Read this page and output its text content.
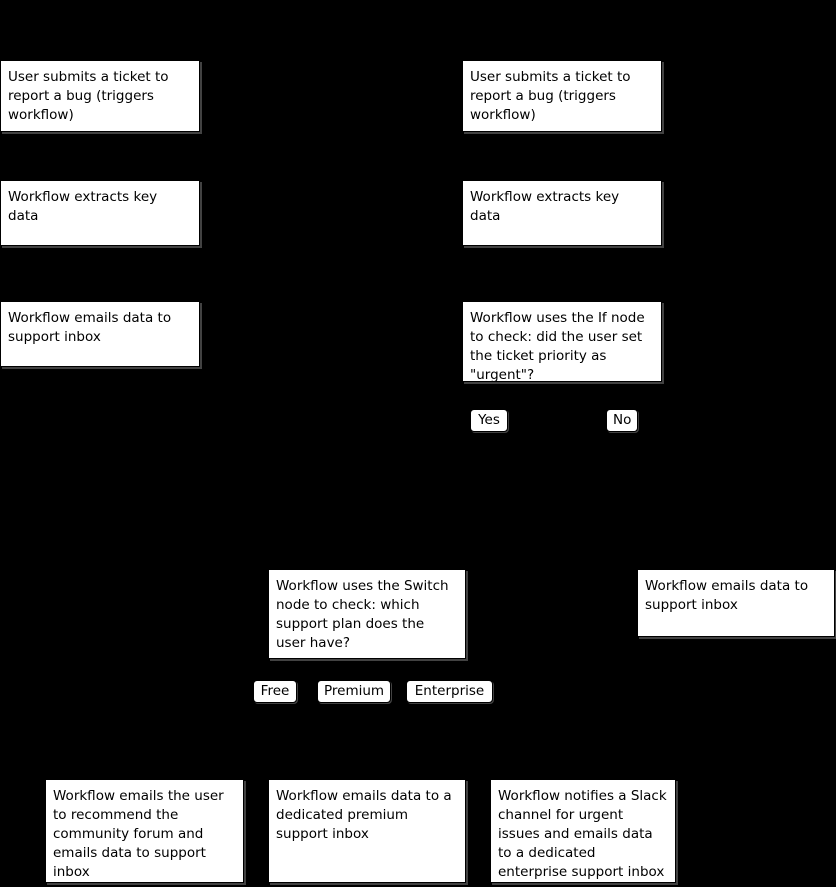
User submits a ticket to report a bug (triggers workflow)
Workflow extracts key data
Workflow emails data to support inbox
User submits a ticket to report a bug (triggers workflow)
Workflow extracts key data
Workflow uses the If node to check: did the user set the ticket priority as "urgent"?
Yes	No
Workflow uses the Switch node to check: which support plan does the user have?
Workflow emails data to support inbox
Free	Premium	Enterprise
Workflow emails the user to recommend the community forum and emails data to support inbox
Workflow emails data to a dedicated premium support inbox
Workflow notifies a Slack channel for urgent issues and emails data to a dedicated enterprise support inbox
